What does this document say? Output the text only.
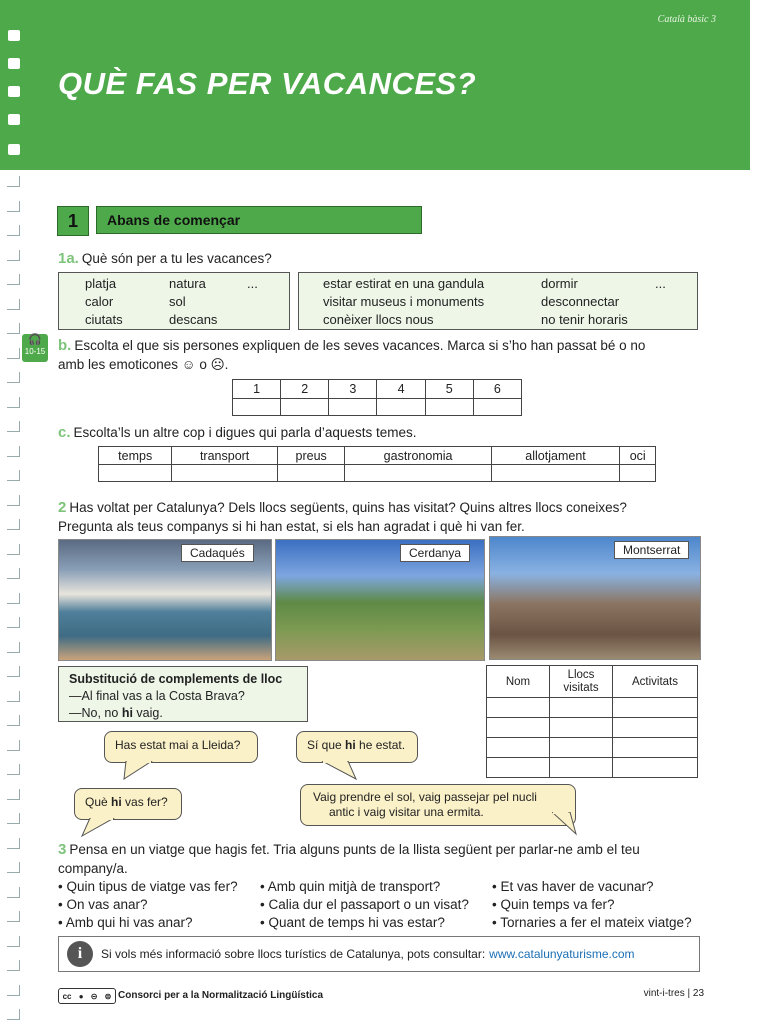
Català bàsic 3
QUÈ FAS PER VACANCES?
1	Abans de començar
1a. Què són per a tu les vacances?
platja	natura	...
calor	sol
ciutats	descans
estar estirat en una gandula	dormir	...
visitar museus i monuments	desconnectar
conèixer llocs nous	no tenir horaris
🎧
10-15 b. Escolta el que sis persones expliquen de les seves vacances. Marca si s’ho han passat bé o no
amb les emoticones ☺ o ☹.
1	2	3	4	5	6

c. Escolta’ls un altre cop i digues qui parla d’aquests temes.
temps	transport	preus	gastronomia	allotjament	oci

2 Has voltat per Catalunya? Dels llocs següents, quins has visitat? Quins altres llocs coneixes?
Pregunta als teus companys si hi han estat, si els han agradat i què hi van fer.
Cadaqués	Cerdanya	Montserrat
Substitució de complements de lloc
—Al final vas a la Costa Brava?
—No, no hi vaig.
Nom	Llocs visitats	Activitats

Has estat mai a Lleida?	Sí que hi he estat.
Què hi vas fer?	Vaig prendre el sol, vaig passejar pel nucli
antic i vaig visitar una ermita.
3 Pensa en un viatge que hagis fet. Tria alguns punts de la llista següent per parlar-ne amb el teu
company/a.
• Quin tipus de viatge vas fer?
• On vas anar?
• Amb qui hi vas anar?
• Amb quin mitjà de transport?
• Calia dur el passaport o un visat?
• Quant de temps hi vas estar?
• Et vas haver de vacunar?
• Quin temps va fer?
• Tornaries a fer el mateix viatge?
i	Si vols més informació sobre llocs turístics de Catalunya, pots consultar: www.catalunyaturisme.com
cc ● ⊝ ⊜ Consorci per a la Normalització Lingüística	vint-i-tres | 23
